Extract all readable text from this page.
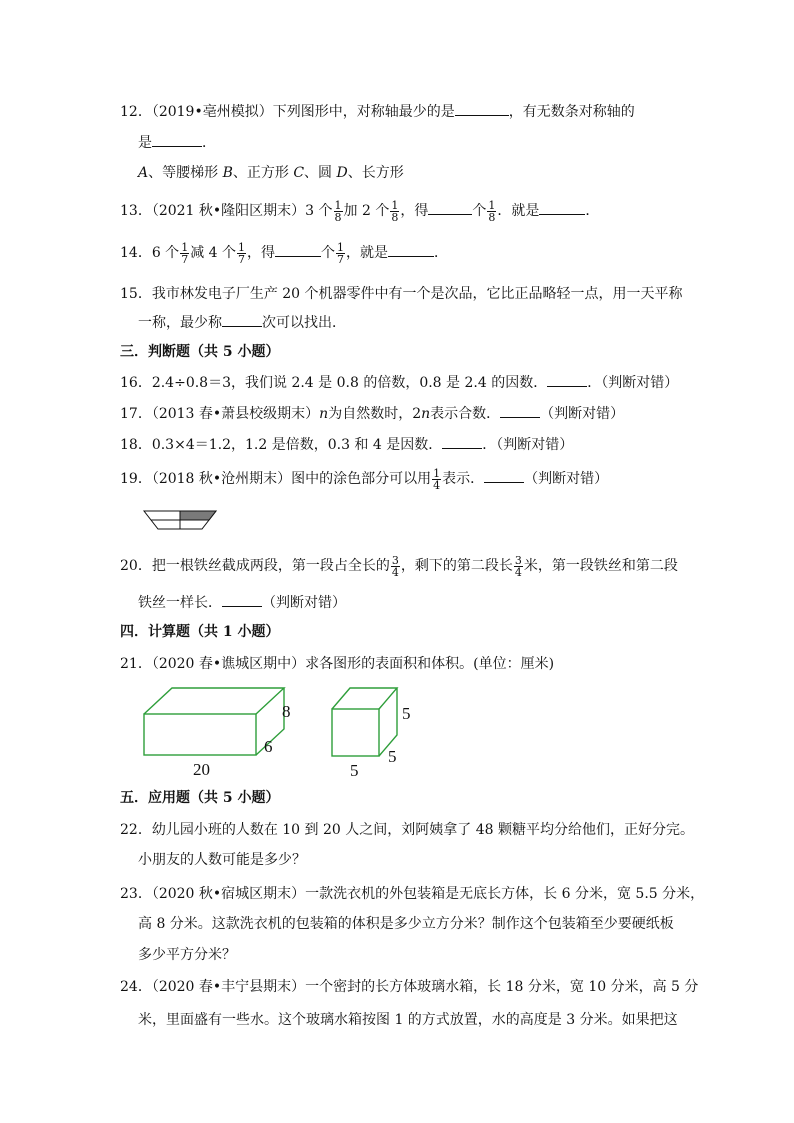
12．（2019•亳州模拟）下列图形中，对称轴最少的是	，有无数条对称轴的
是	．
A、等腰梯形 B、正方形 C、圆 D、长方形
13．（2021 秋•隆阳区期末）3 个 $\frac{1}{8}$ 加 2 个 $\frac{1}{8}$ ，得	个 $\frac{1}{8}$ ．就是	．
14．6 个 $\frac{1}{7}$ 减 4 个 $\frac{1}{7}$ ，得	个 $\frac{1}{7}$ ，就是	．
15．我市林发电子厂生产 20 个机器零件中有一个是次品，它比正品略轻一点，用一天平称
一称，最少称	次可以找出．
三．判断题（共 5 小题）
16．2.4÷0.8＝3，我们说 2.4 是 0.8 的倍数，0.8 是 2.4 的因数．	．（判断对错）
17．（2013 春•萧县校级期末）n为自然数时，2n表示合数．	（判断对错）
18．0.3×4＝1.2，1.2 是倍数，0.3 和 4 是因数．	．（判断对错）
19．（2018 秋•沧州期末）图中的涂色部分可以用 $\frac{1}{4}$ 表示．	（判断对错）
20．把一根铁丝截成两段，第一段占全长的 $\frac{3}{4}$ ，剩下的第二段长 $\frac{3}{4}$ 米，第一段铁丝和第二段
铁丝一样长．	（判断对错）
四．计算题（共 1 小题）
21．（2020 春•谯城区期中）求各图形的表面积和体积。(单位：厘米)
8
6
20
5
5
5
五．应用题（共 5 小题）
22．幼儿园小班的人数在 10 到 20 人之间，刘阿姨拿了 48 颗糖平均分给他们，正好分完。
小朋友的人数可能是多少？
23．（2020 秋•宿城区期末）一款洗衣机的外包装箱是无底长方体，长 6 分米，宽 5.5 分米，
高 8 分米。这款洗衣机的包装箱的体积是多少立方分米？制作这个包装箱至少要硬纸板
多少平方分米？
24．（2020 春•丰宁县期末）一个密封的长方体玻璃水箱，长 18 分米，宽 10 分米，高 5 分
米，里面盛有一些水。这个玻璃水箱按图 1 的方式放置，水的高度是 3 分米。如果把这
